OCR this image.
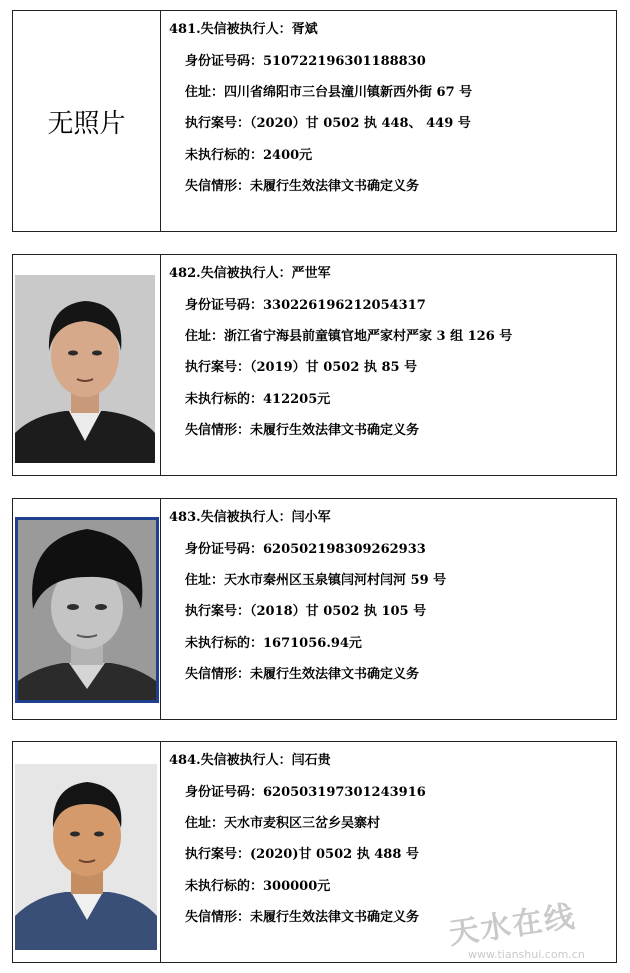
无照片
481.失信被执行人：胥斌
身份证号码：510722196301188830
住址：四川省绵阳市三台县潼川镇新西外街 67 号
执行案号：（2020）甘 0502 执 448、 449 号
未执行标的：2400元
失信情形：未履行生效法律文书确定义务
482.失信被执行人：严世军
身份证号码：330226196212054317
住址：浙江省宁海县前童镇官地严家村严家 3 组 126 号
执行案号：（2019）甘 0502 执 85 号
未执行标的：412205元
失信情形：未履行生效法律文书确定义务
483.失信被执行人：闫小军
身份证号码：620502198309262933
住址：天水市秦州区玉泉镇闫河村闫河 59 号
执行案号：（2018）甘 0502 执 105 号
未执行标的：1671056.94元
失信情形：未履行生效法律文书确定义务
484.失信被执行人：闫石贵
身份证号码：620503197301243916
住址：天水市麦积区三岔乡吴寨村
执行案号：(2020)甘 0502 执 488 号
未执行标的：300000元
失信情形：未履行生效法律文书确定义务 天水在线
www.tianshui.com.cn
